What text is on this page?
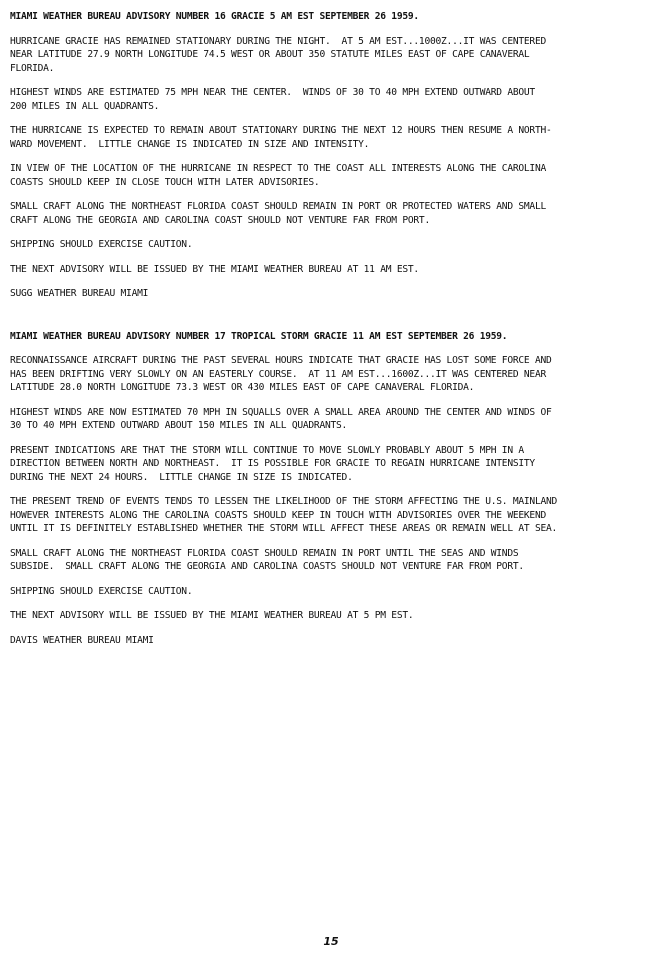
MIAMI WEATHER BUREAU ADVISORY NUMBER 16 GRACIE 5 AM EST SEPTEMBER 26 1959.
HURRICANE GRACIE HAS REMAINED STATIONARY DURING THE NIGHT.  AT 5 AM EST...1000Z...IT WAS CENTERED
NEAR LATITUDE 27.9 NORTH LONGITUDE 74.5 WEST OR ABOUT 350 STATUTE MILES EAST OF CAPE CANAVERAL
FLORIDA.
HIGHEST WINDS ARE ESTIMATED 75 MPH NEAR THE CENTER.  WINDS OF 30 TO 40 MPH EXTEND OUTWARD ABOUT
200 MILES IN ALL QUADRANTS.
THE HURRICANE IS EXPECTED TO REMAIN ABOUT STATIONARY DURING THE NEXT 12 HOURS THEN RESUME A NORTH-
WARD MOVEMENT.  LITTLE CHANGE IS INDICATED IN SIZE AND INTENSITY.
IN VIEW OF THE LOCATION OF THE HURRICANE IN RESPECT TO THE COAST ALL INTERESTS ALONG THE CAROLINA
COASTS SHOULD KEEP IN CLOSE TOUCH WITH LATER ADVISORIES.
SMALL CRAFT ALONG THE NORTHEAST FLORIDA COAST SHOULD REMAIN IN PORT OR PROTECTED WATERS AND SMALL
CRAFT ALONG THE GEORGIA AND CAROLINA COAST SHOULD NOT VENTURE FAR FROM PORT.
SHIPPING SHOULD EXERCISE CAUTION.
THE NEXT ADVISORY WILL BE ISSUED BY THE MIAMI WEATHER BUREAU AT 11 AM EST.
SUGG WEATHER BUREAU MIAMI
MIAMI WEATHER BUREAU ADVISORY NUMBER 17 TROPICAL STORM GRACIE 11 AM EST SEPTEMBER 26 1959.
RECONNAISSANCE AIRCRAFT DURING THE PAST SEVERAL HOURS INDICATE THAT GRACIE HAS LOST SOME FORCE AND
HAS BEEN DRIFTING VERY SLOWLY ON AN EASTERLY COURSE.  AT 11 AM EST...1600Z...IT WAS CENTERED NEAR
LATITUDE 28.0 NORTH LONGITUDE 73.3 WEST OR 430 MILES EAST OF CAPE CANAVERAL FLORIDA.
HIGHEST WINDS ARE NOW ESTIMATED 70 MPH IN SQUALLS OVER A SMALL AREA AROUND THE CENTER AND WINDS OF
30 TO 40 MPH EXTEND OUTWARD ABOUT 150 MILES IN ALL QUADRANTS.
PRESENT INDICATIONS ARE THAT THE STORM WILL CONTINUE TO MOVE SLOWLY PROBABLY ABOUT 5 MPH IN A
DIRECTION BETWEEN NORTH AND NORTHEAST.  IT IS POSSIBLE FOR GRACIE TO REGAIN HURRICANE INTENSITY
DURING THE NEXT 24 HOURS.  LITTLE CHANGE IN SIZE IS INDICATED.
THE PRESENT TREND OF EVENTS TENDS TO LESSEN THE LIKELIHOOD OF THE STORM AFFECTING THE U.S. MAINLAND
HOWEVER INTERESTS ALONG THE CAROLINA COASTS SHOULD KEEP IN TOUCH WITH ADVISORIES OVER THE WEEKEND
UNTIL IT IS DEFINITELY ESTABLISHED WHETHER THE STORM WILL AFFECT THESE AREAS OR REMAIN WELL AT SEA.
SMALL CRAFT ALONG THE NORTHEAST FLORIDA COAST SHOULD REMAIN IN PORT UNTIL THE SEAS AND WINDS
SUBSIDE.  SMALL CRAFT ALONG THE GEORGIA AND CAROLINA COASTS SHOULD NOT VENTURE FAR FROM PORT.
SHIPPING SHOULD EXERCISE CAUTION.
THE NEXT ADVISORY WILL BE ISSUED BY THE MIAMI WEATHER BUREAU AT 5 PM EST.
DAVIS WEATHER BUREAU MIAMI
15
